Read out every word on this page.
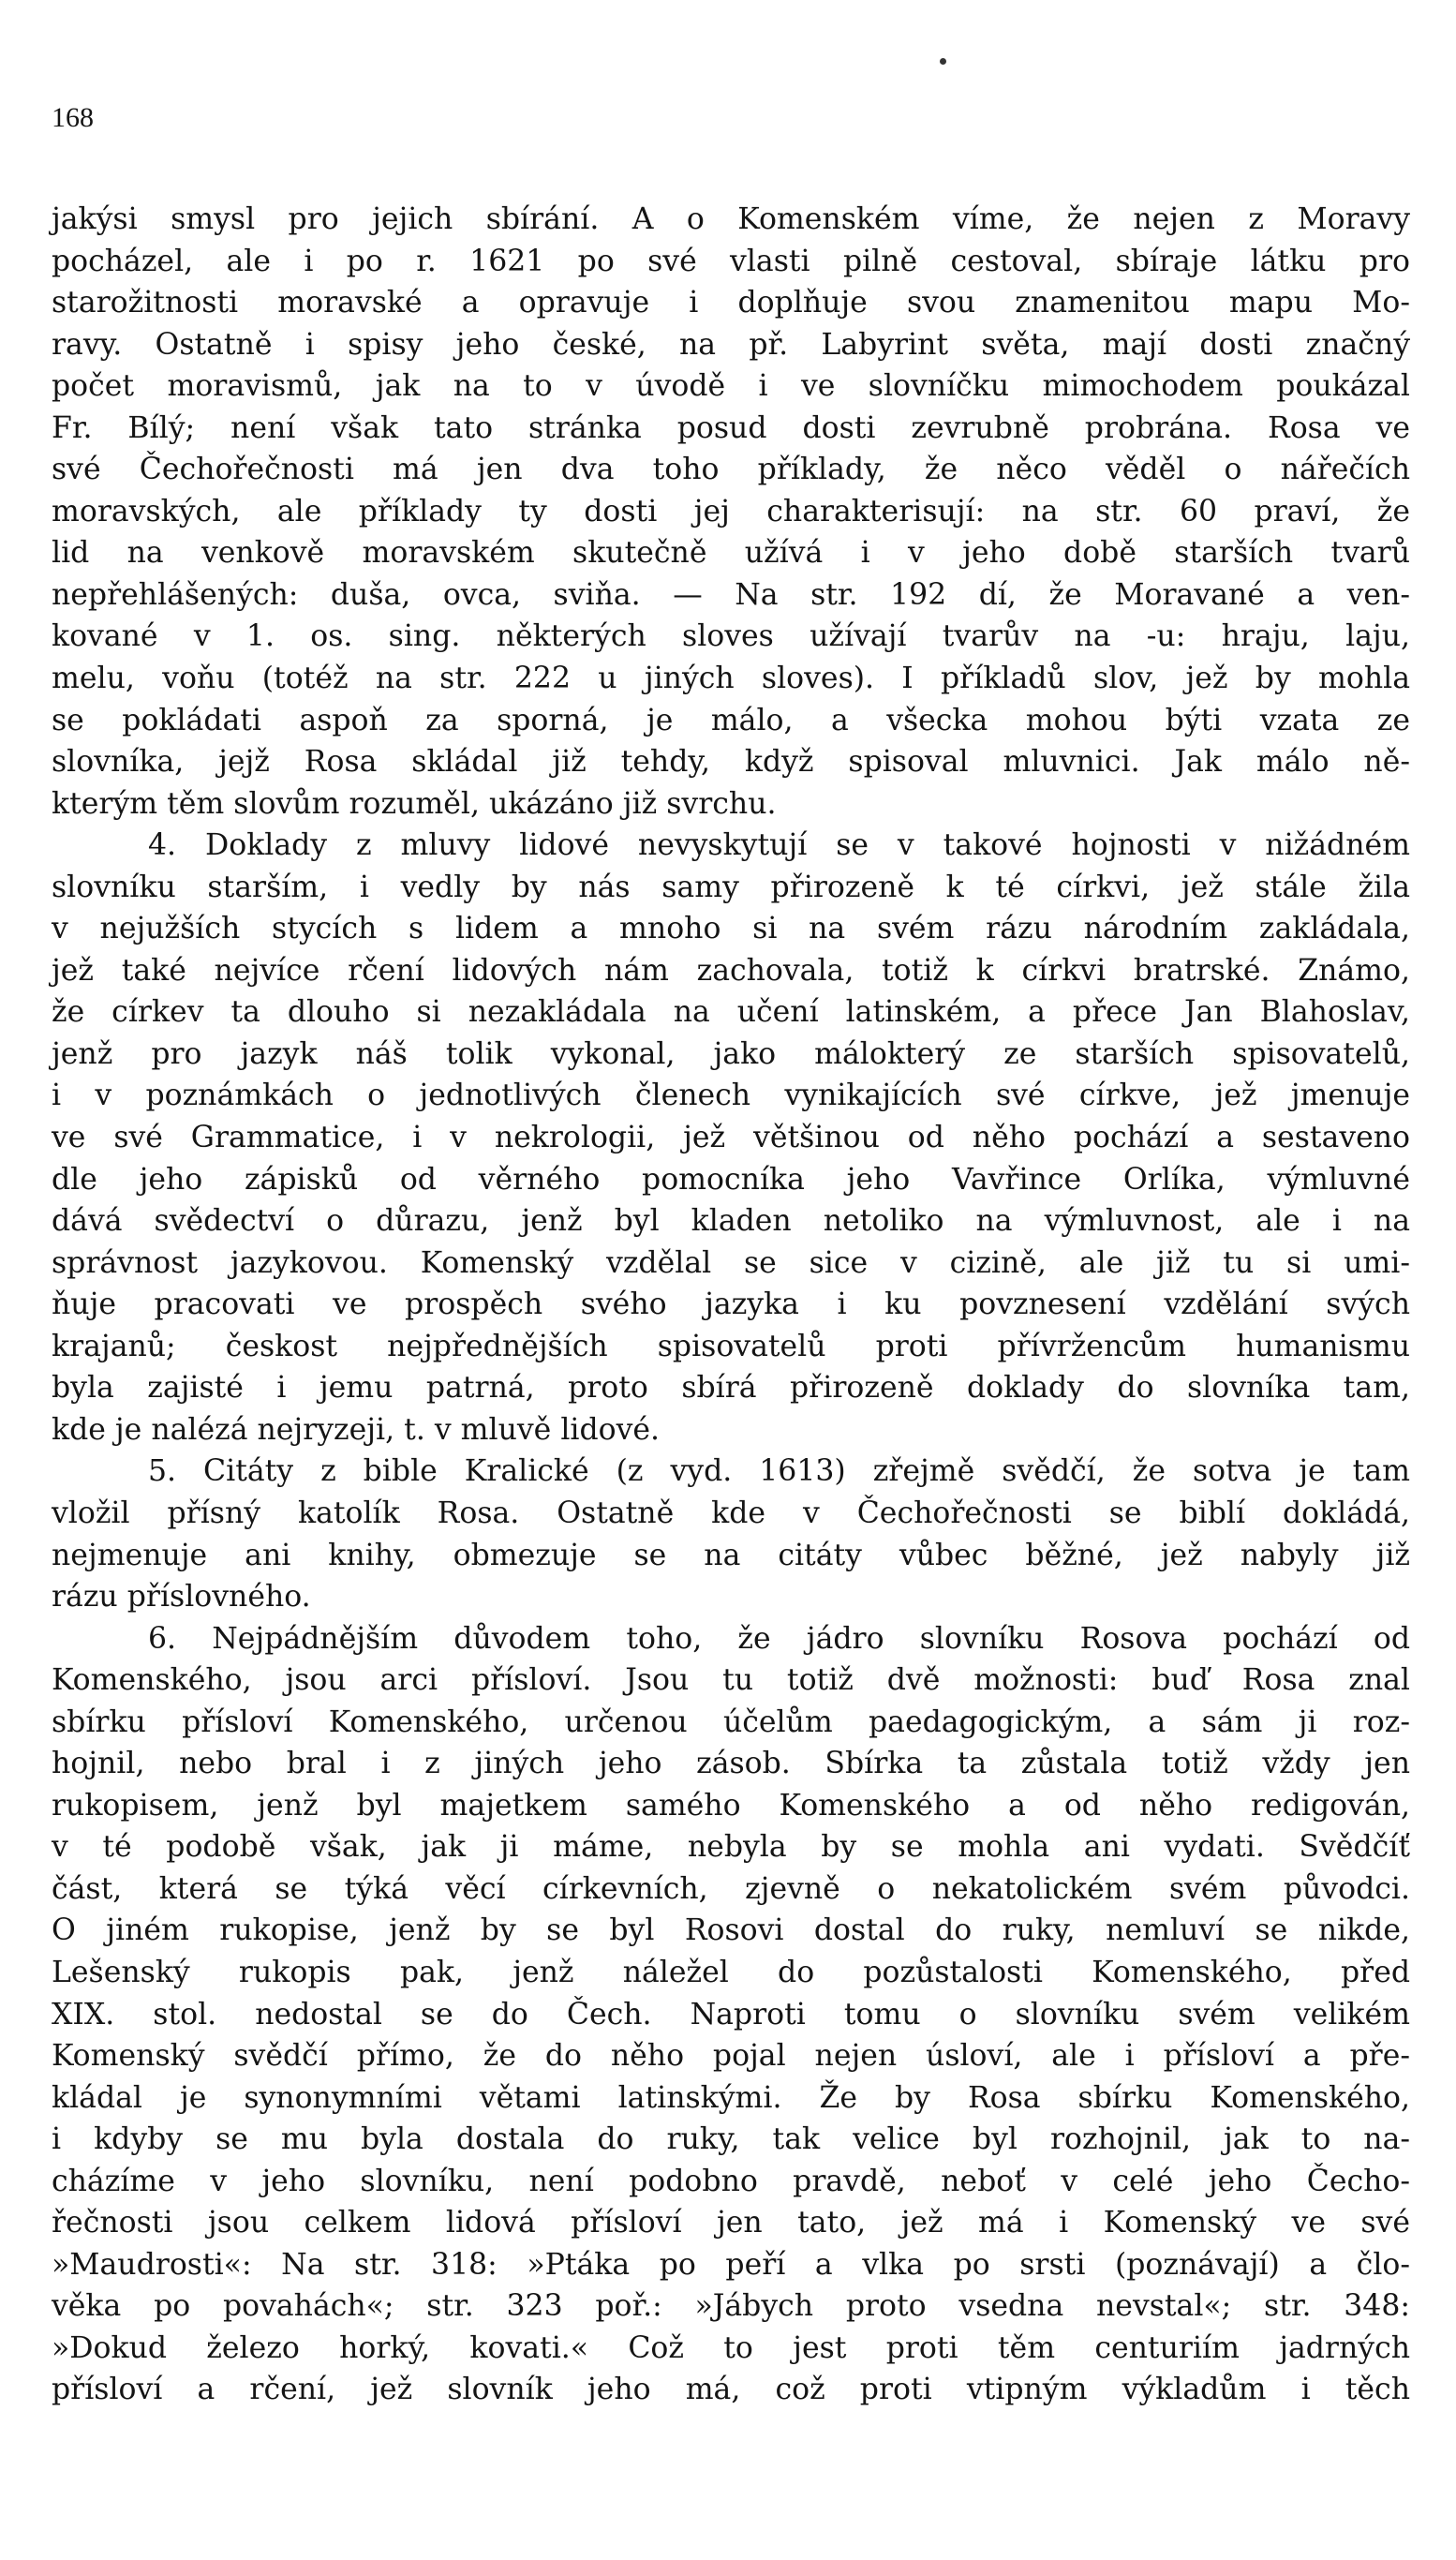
168
jakýsi smysl pro jejich sbírání. A o Komenském víme, že nejen z Moravy
pocházel, ale i po r. 1621 po své vlasti pilně cestoval, sbíraje látku pro
starožitnosti moravské a opravuje i doplňuje svou znamenitou mapu Mo-
ravy. Ostatně i spisy jeho české, na př. Labyrint světa, mají dosti značný
počet moravismů, jak na to v úvodě i ve slovníčku mimochodem poukázal
Fr. Bílý; není však tato stránka posud dosti zevrubně probrána. Rosa ve
své Čechořečnosti má jen dva toho příklady, že něco věděl o nářečích
moravských, ale příklady ty dosti jej charakterisují: na str. 60 praví, že
lid na venkově moravském skutečně užívá i v jeho době starších tvarů
nepřehlášených: duša, ovca, sviňa. — Na str. 192 dí, že Moravané a ven-
kované v 1. os. sing. některých sloves užívají tvarův na -u: hraju, laju,
melu, voňu (totéž na str. 222 u jiných sloves). I příkladů slov, jež by mohla
se pokládati aspoň za sporná, je málo, a všecka mohou býti vzata ze
slovníka, jejž Rosa skládal již tehdy, když spisoval mluvnici. Jak málo ně-
kterým těm slovům rozuměl, ukázáno již svrchu.
4. Doklady z mluvy lidové nevyskytují se v takové hojnosti v nižádném
slovníku starším, i vedly by nás samy přirozeně k té církvi, jež stále žila
v nejužších stycích s lidem a mnoho si na svém rázu národním zakládala,
jež také nejvíce rčení lidových nám zachovala, totiž k církvi bratrské. Známo,
že církev ta dlouho si nezakládala na učení latinském, a přece Jan Blahoslav,
jenž pro jazyk náš tolik vykonal, jako málokterý ze starších spisovatelů,
i v poznámkách o jednotlivých členech vynikajících své církve, jež jmenuje
ve své Grammatice, i v nekrologii, jež většinou od něho pochází a sestaveno
dle jeho zápisků od věrného pomocníka jeho Vavřince Orlíka, výmluvné
dává svědectví o důrazu, jenž byl kladen netoliko na výmluvnost, ale i na
správnost jazykovou. Komenský vzdělal se sice v cizině, ale již tu si umi-
ňuje pracovati ve prospěch svého jazyka i ku povznesení vzdělání svých
krajanů; českost nejpřednějších spisovatelů proti přívržencům humanismu
byla zajisté i jemu patrná, proto sbírá přirozeně doklady do slovníka tam,
kde je nalézá nejryzeji, t. v mluvě lidové.
5. Citáty z bible Kralické (z vyd. 1613) zřejmě svědčí, že sotva je tam
vložil přísný katolík Rosa. Ostatně kde v Čechořečnosti se biblí dokládá,
nejmenuje ani knihy, obmezuje se na citáty vůbec běžné, jež nabyly již
rázu příslovného.
6. Nejpádnějším důvodem toho, že jádro slovníku Rosova pochází od
Komenského, jsou arci přísloví. Jsou tu totiž dvě možnosti: buď Rosa znal
sbírku přísloví Komenského, určenou účelům paedagogickým, a sám ji roz-
hojnil, nebo bral i z jiných jeho zásob. Sbírka ta zůstala totiž vždy jen
rukopisem, jenž byl majetkem samého Komenského a od něho redigován,
v té podobě však, jak ji máme, nebyla by se mohla ani vydati. Svědčíť
část, která se týká věcí církevních, zjevně o nekatolickém svém původci.
O jiném rukopise, jenž by se byl Rosovi dostal do ruky, nemluví se nikde,
Lešenský rukopis pak, jenž náležel do pozůstalosti Komenského, před
XIX. stol. nedostal se do Čech. Naproti tomu o slovníku svém velikém
Komenský svědčí přímo, že do něho pojal nejen úsloví, ale i přísloví a pře-
kládal je synonymními větami latinskými. Že by Rosa sbírku Komenského,
i kdyby se mu byla dostala do ruky, tak velice byl rozhojnil, jak to na-
cházíme v jeho slovníku, není podobno pravdě, neboť v celé jeho Čecho-
řečnosti jsou celkem lidová přísloví jen tato, jež má i Komenský ve své
»Maudrosti«: Na str. 318: »Ptáka po peří a vlka po srsti (poznávají) a člo-
věka po povahách«; str. 323 poř.: »Jábych proto vsedna nevstal«; str. 348:
»Dokud železo horký, kovati.« Což to jest proti těm centuriím jadrných
přísloví a rčení, jež slovník jeho má, což proti vtipným výkladům i těch
